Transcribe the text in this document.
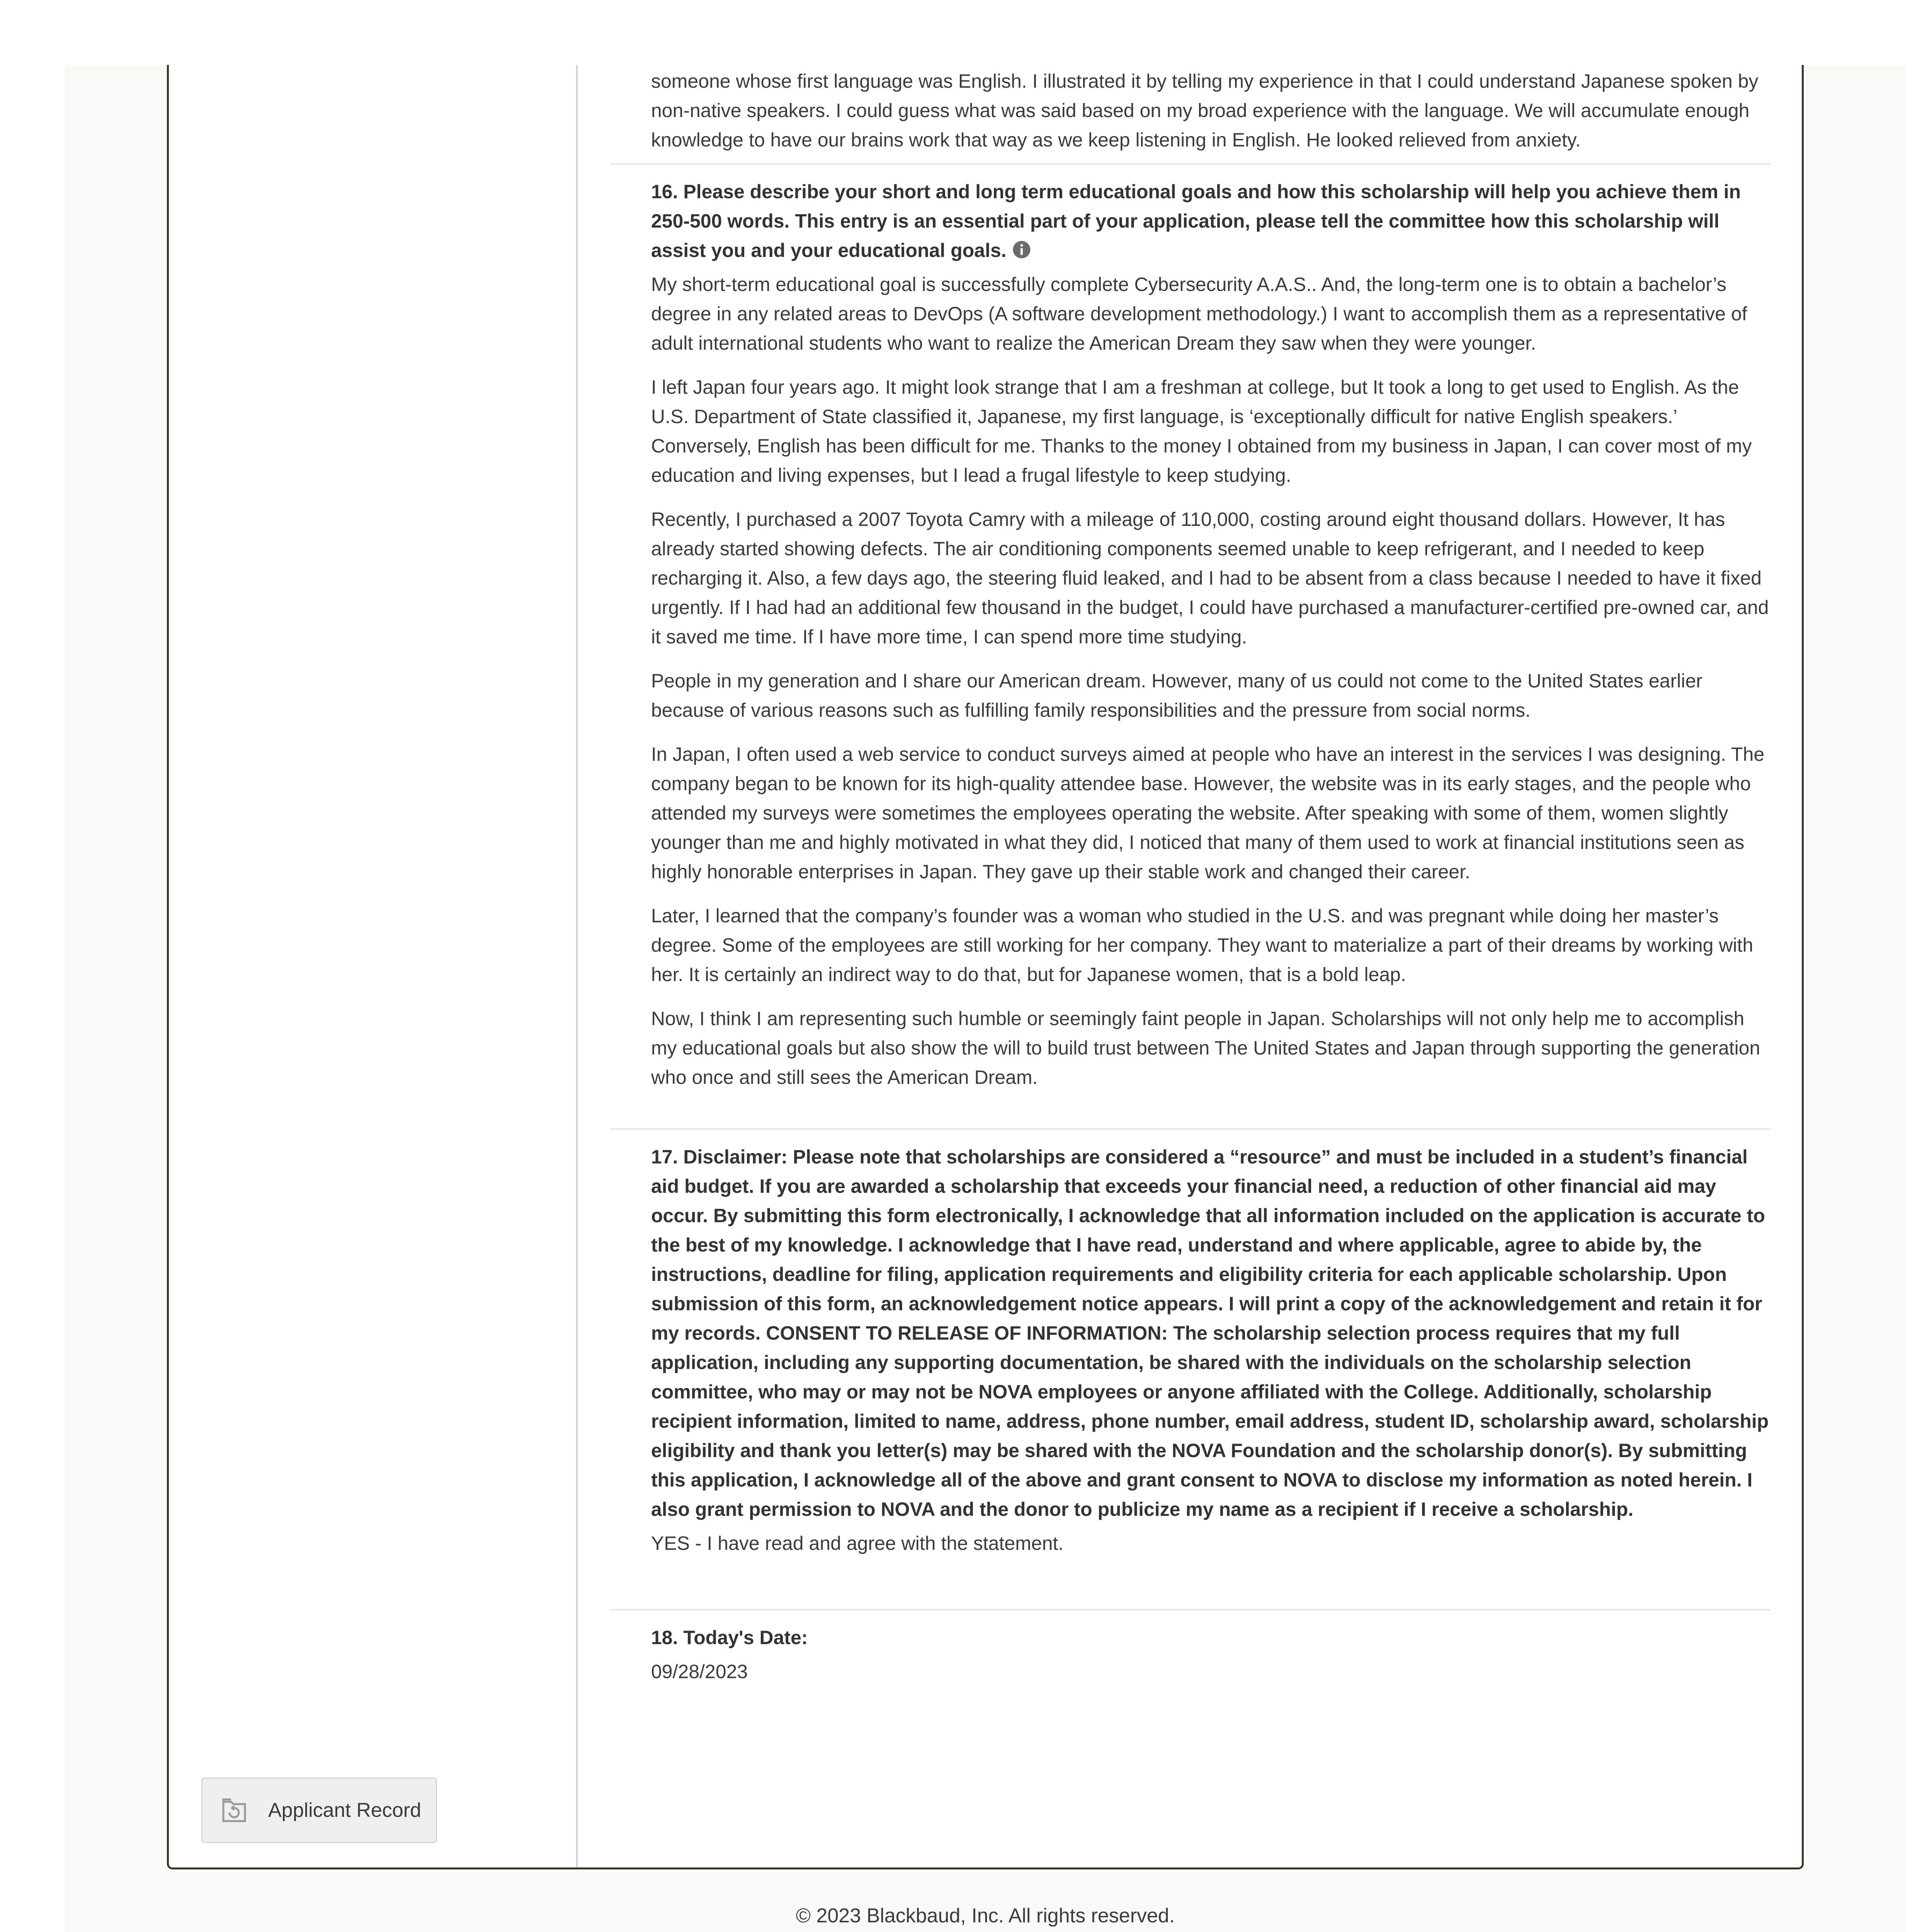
Applicant Record

someone whose first language was English. I illustrated it by telling my experience in that I could understand Japanese spoken by non-native speakers. I could guess what was said based on my broad experience with the language. We will accumulate enough knowledge to have our brains work that way as we keep listening in English. He looked relieved from anxiety.

16. Please describe your short and long term educational goals and how this scholarship will help you achieve them in 250-500 words. This entry is an essential part of your application, please tell the committee how this scholarship will assist you and your educational goals.

My short-term educational goal is successfully complete Cybersecurity A.A.S.. And, the long-term one is to obtain a bachelor’s degree in any related areas to DevOps (A software development methodology.) I want to accomplish them as a representative of adult international students who want to realize the American Dream they saw when they were younger.

I left Japan four years ago. It might look strange that I am a freshman at college, but It took a long to get used to English. As the U.S. Department of State classified it, Japanese, my first language, is ‘exceptionally difficult for native English speakers.’ Conversely, English has been difficult for me. Thanks to the money I obtained from my business in Japan, I can cover most of my education and living expenses, but I lead a frugal lifestyle to keep studying.

Recently, I purchased a 2007 Toyota Camry with a mileage of 110,000, costing around eight thousand dollars. However, It has already started showing defects. The air conditioning components seemed unable to keep refrigerant, and I needed to keep recharging it. Also, a few days ago, the steering fluid leaked, and I had to be absent from a class because I needed to have it fixed urgently. If I had had an additional few thousand in the budget, I could have purchased a manufacturer-certified pre-owned car, and it saved me time. If I have more time, I can spend more time studying.

People in my generation and I share our American dream. However, many of us could not come to the United States earlier because of various reasons such as fulfilling family responsibilities and the pressure from social norms.

In Japan, I often used a web service to conduct surveys aimed at people who have an interest in the services I was designing. The company began to be known for its high-quality attendee base. However, the website was in its early stages, and the people who attended my surveys were sometimes the employees operating the website. After speaking with some of them, women slightly younger than me and highly motivated in what they did, I noticed that many of them used to work at financial institutions seen as highly honorable enterprises in Japan. They gave up their stable work and changed their career.

Later, I learned that the company’s founder was a woman who studied in the U.S. and was pregnant while doing her master’s degree. Some of the employees are still working for her company. They want to materialize a part of their dreams by working with her. It is certainly an indirect way to do that, but for Japanese women, that is a bold leap.

Now, I think I am representing such humble or seemingly faint people in Japan. Scholarships will not only help me to accomplish my educational goals but also show the will to build trust between The United States and Japan through supporting the generation who once and still sees the American Dream.

17. Disclaimer: Please note that scholarships are considered a “resource” and must be included in a student’s financial aid budget. If you are awarded a scholarship that exceeds your financial need, a reduction of other financial aid may occur. By submitting this form electronically, I acknowledge that all information included on the application is accurate to the best of my knowledge. I acknowledge that I have read, understand and where applicable, agree to abide by, the instructions, deadline for filing, application requirements and eligibility criteria for each applicable scholarship. Upon submission of this form, an acknowledgement notice appears. I will print a copy of the acknowledgement and retain it for my records. CONSENT TO RELEASE OF INFORMATION: The scholarship selection process requires that my full application, including any supporting documentation, be shared with the individuals on the scholarship selection committee, who may or may not be NOVA employees or anyone affiliated with the College. Additionally, scholarship recipient information, limited to name, address, phone number, email address, student ID, scholarship award, scholarship eligibility and thank you letter(s) may be shared with the NOVA Foundation and the scholarship donor(s). By submitting this application, I acknowledge all of the above and grant consent to NOVA to disclose my information as noted herein. I also grant permission to NOVA and the donor to publicize my name as a recipient if I receive a scholarship.

YES - I have read and agree with the statement.

18. Today's Date:

09/28/2023

© 2023 Blackbaud, Inc. All rights reserved.
